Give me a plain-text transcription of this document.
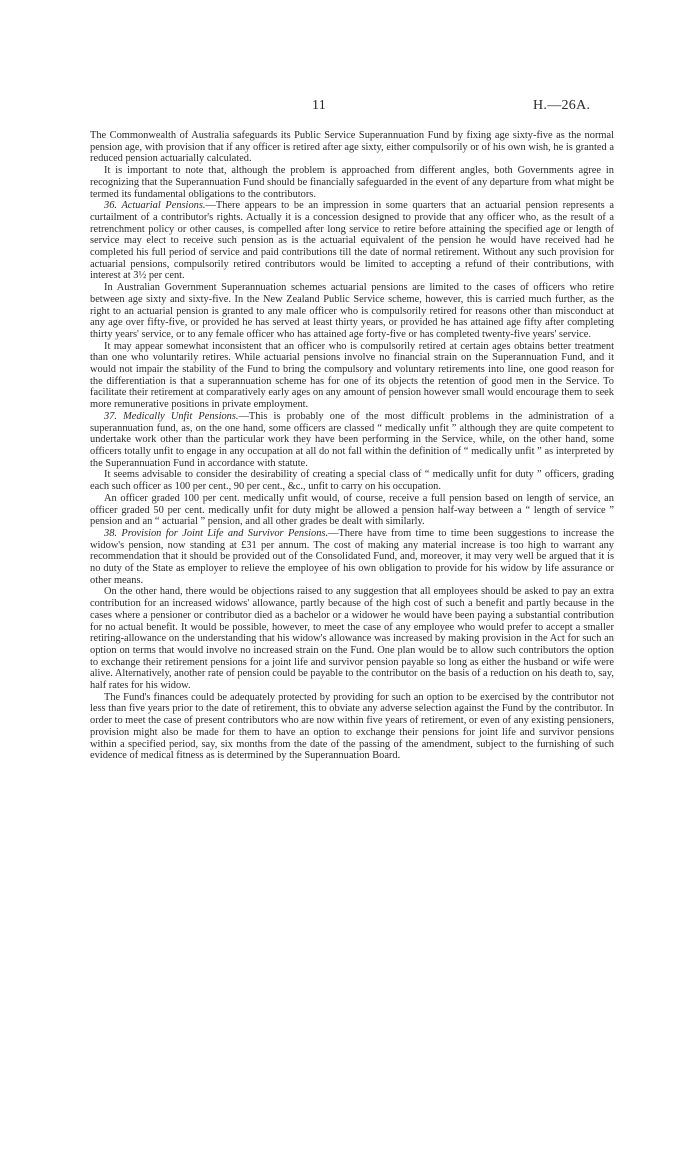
11	H.—26A.

The Commonwealth of Australia safeguards its Public Service Superannuation Fund by fixing age sixty-five as the normal pension age, with provision that if any officer is retired after age sixty, either compulsorily or of his own wish, he is granted a reduced pension actuarially calculated.

It is important to note that, although the problem is approached from different angles, both Governments agree in recognizing that the Superannuation Fund should be financially safeguarded in the event of any departure from what might be termed its fundamental obligations to the contributors.

36. Actuarial Pensions.—There appears to be an impression in some quarters that an actuarial pension represents a curtailment of a contributor's rights. Actually it is a concession designed to provide that any officer who, as the result of a retrenchment policy or other causes, is compelled after long service to retire before attaining the specified age or length of service may elect to receive such pension as is the actuarial equivalent of the pension he would have received had he completed his full period of service and paid contributions till the date of normal retirement. Without any such provision for actuarial pensions, compulsorily retired contributors would be limited to accepting a refund of their contributions, with interest at 3½ per cent.

In Australian Government Superannuation schemes actuarial pensions are limited to the cases of officers who retire between age sixty and sixty-five. In the New Zealand Public Service scheme, however, this is carried much further, as the right to an actuarial pension is granted to any male officer who is compulsorily retired for reasons other than misconduct at any age over fifty-five, or provided he has served at least thirty years, or provided he has attained age fifty after completing thirty years' service, or to any female officer who has attained age forty-five or has completed twenty-five years' service.

It may appear somewhat inconsistent that an officer who is compulsorily retired at certain ages obtains better treatment than one who voluntarily retires. While actuarial pensions involve no financial strain on the Superannuation Fund, and it would not impair the stability of the Fund to bring the compulsory and voluntary retirements into line, one good reason for the differentiation is that a superannuation scheme has for one of its objects the retention of good men in the Service. To facilitate their retirement at comparatively early ages on any amount of pension however small would encourage them to seek more remunerative positions in private employment.

37. Medically Unfit Pensions.—This is probably one of the most difficult problems in the administration of a superannuation fund, as, on the one hand, some officers are classed “ medically unfit ” although they are quite competent to undertake work other than the particular work they have been performing in the Service, while, on the other hand, some officers totally unfit to engage in any occupation at all do not fall within the definition of “ medically unfit ” as interpreted by the Superannuation Fund in accordance with statute.

It seems advisable to consider the desirability of creating a special class of “ medically unfit for duty ” officers, grading each such officer as 100 per cent., 90 per cent., &c., unfit to carry on his occupation.

An officer graded 100 per cent. medically unfit would, of course, receive a full pension based on length of service, an officer graded 50 per cent. medically unfit for duty might be allowed a pension half-way between a “ length of service ” pension and an “ actuarial ” pension, and all other grades be dealt with similarly.

38. Provision for Joint Life and Survivor Pensions.—There have from time to time been suggestions to increase the widow's pension, now standing at £31 per annum. The cost of making any material increase is too high to warrant any recommendation that it should be provided out of the Consolidated Fund, and, moreover, it may very well be argued that it is no duty of the State as employer to relieve the employee of his own obligation to provide for his widow by life assurance or other means.

On the other hand, there would be objections raised to any suggestion that all employees should be asked to pay an extra contribution for an increased widows' allowance, partly because of the high cost of such a benefit and partly because in the cases where a pensioner or contributor died as a bachelor or a widower he would have been paying a substantial contribution for no actual benefit. It would be possible, however, to meet the case of any employee who would prefer to accept a smaller retiring-allowance on the understanding that his widow's allowance was increased by making provision in the Act for such an option on terms that would involve no increased strain on the Fund. One plan would be to allow such contributors the option to exchange their retirement pensions for a joint life and survivor pension payable so long as either the husband or wife were alive. Alternatively, another rate of pension could be payable to the contributor on the basis of a reduction on his death to, say, half rates for his widow.

The Fund's finances could be adequately protected by providing for such an option to be exercised by the contributor not less than five years prior to the date of retirement, this to obviate any adverse selection against the Fund by the contributor. In order to meet the case of present contributors who are now within five years of retirement, or even of any existing pensioners, provision might also be made for them to have an option to exchange their pensions for joint life and survivor pensions within a specified period, say, six months from the date of the passing of the amendment, subject to the furnishing of such evidence of medical fitness as is determined by the Superannuation Board.
